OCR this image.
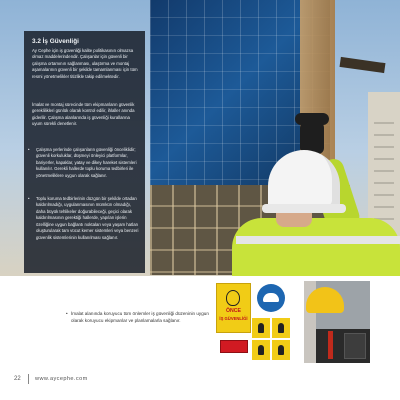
3.2 İş Güvenliği

Ay Cephe için iş güvenliği kalite politikasının olmazsa olmaz maddelerindendir. Çalışanlar için güvenli bir çalışma ortamının sağlanması, ulaştırma ve montaj aşamalarının güvenli bir şekilde tamamlanması için tüm resmi yönetmelikler titizlikle takip edilmektedir.

İmalat ve montaj sürecinde tüm ekipmanların güvenlik gereklilikleri günlük olarak kontrol edilir, ihlaller anında giderilir. Çalışma alanlarında iş güvenliği kurallarına uyum sürekli denetlenir.

• Çalışma yerlerinde çalışanların güvenliği önceliklidir; güvenli korkuluklar, düşmeyi önleyici platformlar, bariyerler, kapaklar, yatay ve dikey hareket sistemleri kullanılır. Gerekli hallerde toplu koruma tedbirleri ile yönetmeliklere uygun olarak sağlanır.

• Toplu koruma tedbirlerinin düzgün bir şekilde ortadan kaldırılmadığı, uygulanmasının mümkün olmadığı, daha büyük tehlikeler doğurabileceği, geçici olarak kaldırılmasının gerektiği hallerde, yapılan işlerin özelliğine uygun bağlantı noktaları veya yaşam hatları oluşturularak tam vücut kemer sistemleri veya benzeri güvenlik sistemlerinin kullanılması sağlanır.

• İmalat alanında koruyucu tüm önlemler iş güvenliği düzeninin uygun olarak koruyucu ekipmanlar ve planlamalarla sağlanır.

ÖNCE
İŞ GÜVENLİĞİ
22	www.aycephe.com
